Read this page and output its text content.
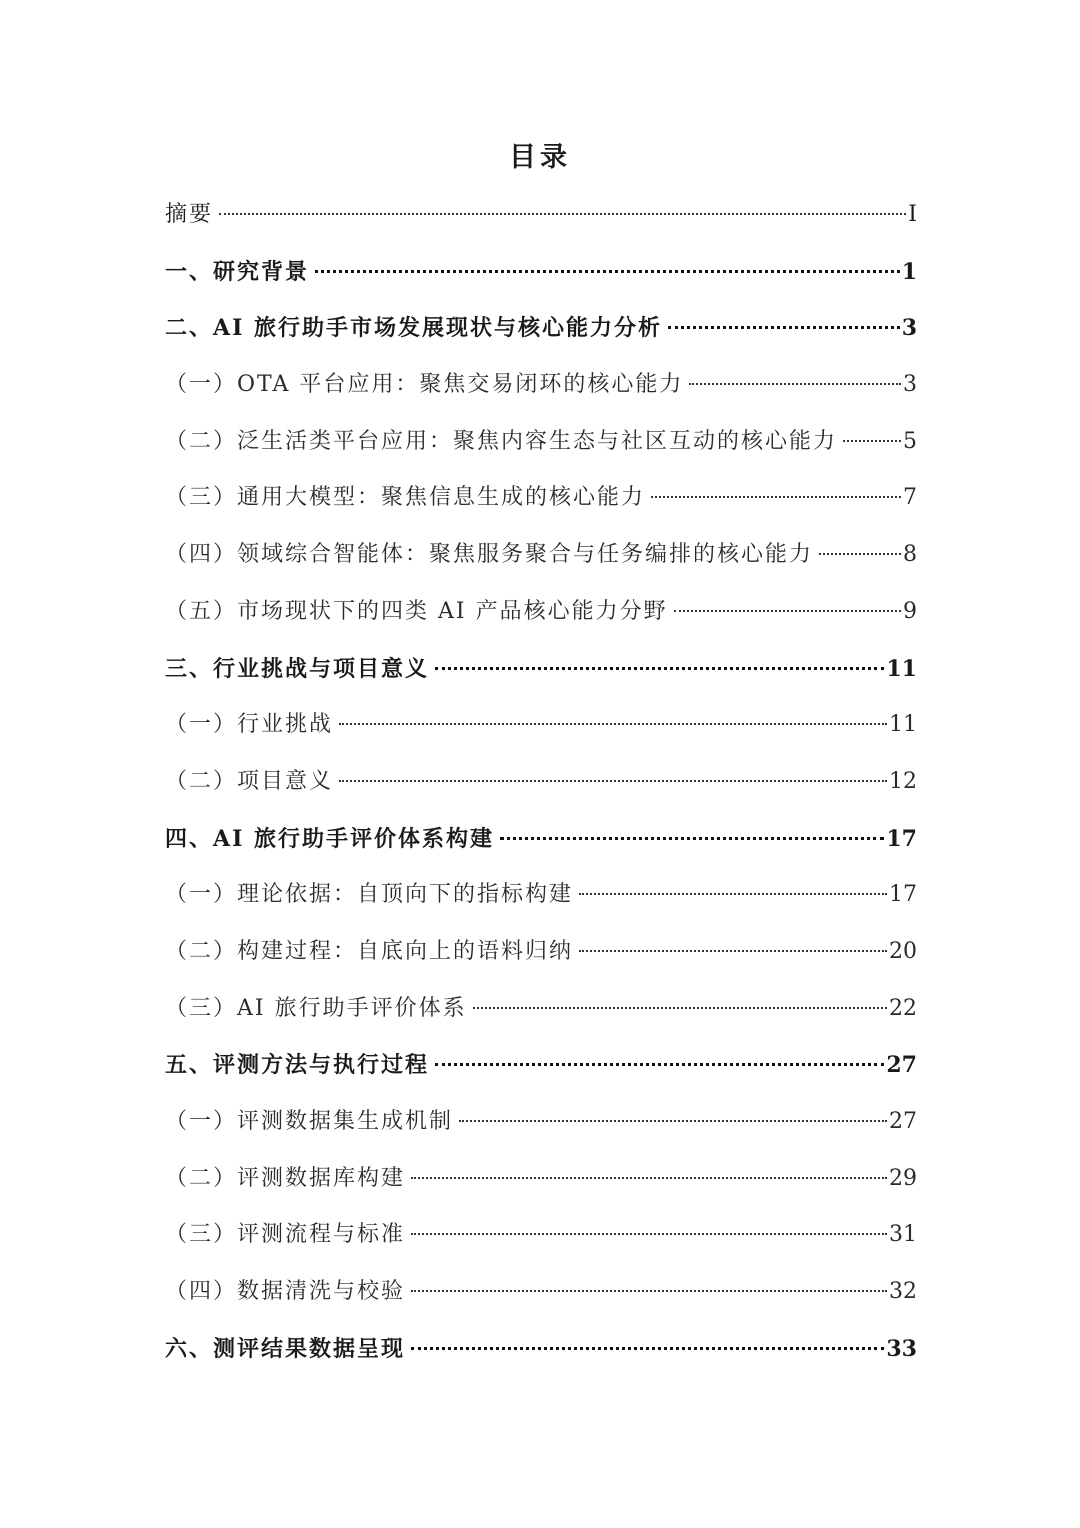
目录
摘要	I
一、研究背景	1
二、AI 旅行助手市场发展现状与核心能力分析	3
（一）OTA 平台应用：聚焦交易闭环的核心能力	3
（二）泛生活类平台应用：聚焦内容生态与社区互动的核心能力	5
（三）通用大模型：聚焦信息生成的核心能力	7
（四）领域综合智能体：聚焦服务聚合与任务编排的核心能力	8
（五）市场现状下的四类 AI 产品核心能力分野	9
三、行业挑战与项目意义	11
（一）行业挑战	11
（二）项目意义	12
四、AI 旅行助手评价体系构建	17
（一）理论依据：自顶向下的指标构建	17
（二）构建过程：自底向上的语料归纳	20
（三）AI 旅行助手评价体系	22
五、评测方法与执行过程	27
（一）评测数据集生成机制	27
（二）评测数据库构建	29
（三）评测流程与标准	31
（四）数据清洗与校验	32
六、测评结果数据呈现	33
